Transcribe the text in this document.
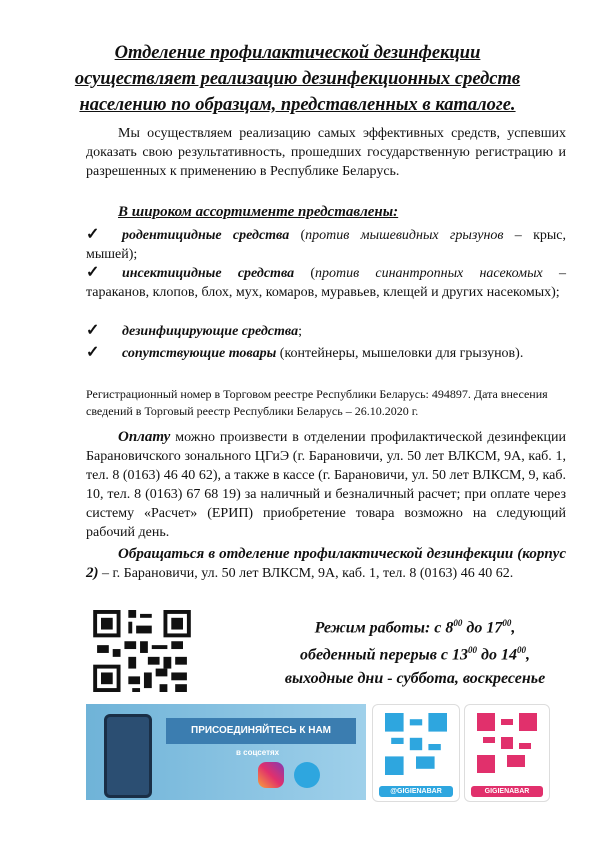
Отделение профилактической дезинфекции
осуществляет реализацию дезинфекционных средств
населению по образцам, представленных в каталоге.
Мы осуществляем реализацию самых эффективных средств, успевших доказать свою результативность, прошедших государственную регистрацию и разрешенных к применению в Республике Беларусь.
В широком ассортименте представлены:
✓	родентицидные средства (против мышевидных грызунов – крыс, мышей);
✓	инсектицидные средства (против синантропных насекомых – тараканов, клопов, блох, мух, комаров, муравьев, клещей и других насекомых);
✓	дезинфицирующие средства;
✓	сопутствующие товары (контейнеры, мышеловки для грызунов).
Регистрационный номер в Торговом реестре Республики Беларусь: 494897. Дата внесения сведений в Торговый реестр Республики Беларусь – 26.10.2020 г.
Оплату можно произвести в отделении профилактической дезинфекции Барановичского зонального ЦГиЭ (г. Барановичи, ул. 50 лет ВЛКСМ, 9А, каб. 1, тел. 8 (0163) 46 40 62), а также в кассе (г. Барановичи, ул. 50 лет ВЛКСМ, 9, каб. 10, тел. 8 (0163) 67 68 19) за наличный и безналичный расчет; при оплате через систему «Расчет» (ЕРИП) приобретение товара возможно на следующий рабочий день.
Обращаться в отделение профилактической дезинфекции (корпус 2) – г. Барановичи, ул. 50 лет ВЛКСМ, 9А, каб. 1, тел. 8 (0163) 46 40 62.
Режим работы: с $8^{00}$ до $17^{00}$,
обеденный перерыв с $13^{00}$ до $14^{00}$,
выходные дни - суббота, воскресенье
ПРИСОЕДИНЯЙТЕСЬ К НАМ
в соцсетях
@GIGIENABAR	GIGIENABAR
